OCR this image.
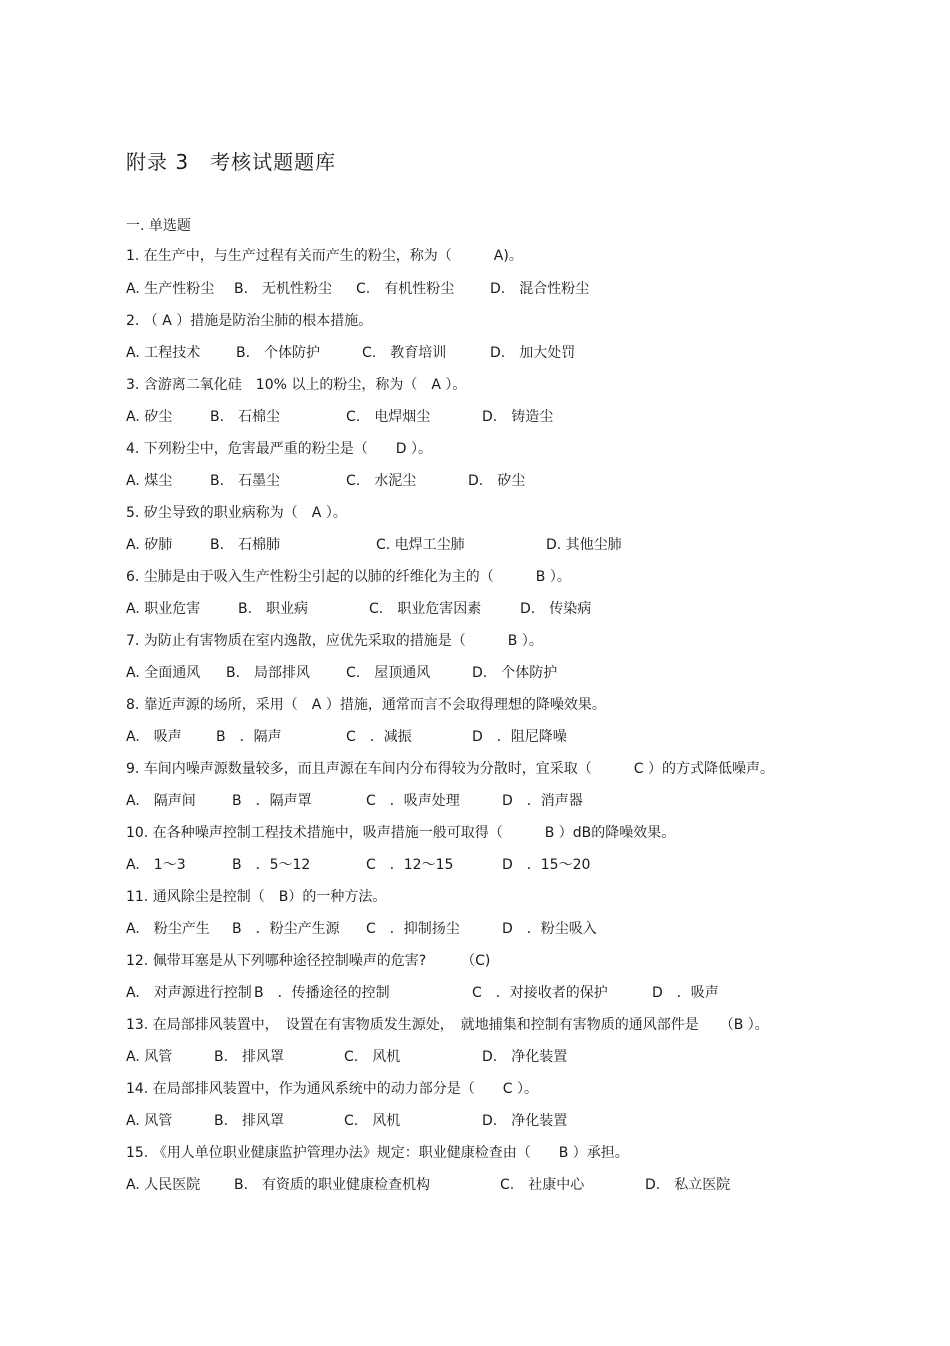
附录 3　考核试题题库
一. 单选题
1. 在生产中，与生产过程有关而产生的粉尘，称为（　　　A)。
A. 生产性粉尘 B.　无机性粉尘 C.　有机性粉尘	D.　混合性粉尘
2. （ A ）措施是防治尘肺的根本措施。
A. 工程技术	B.　个体防护	C.　教育培训	D.　加大处罚
3. 含游离二氧化硅　10% 以上的粉尘，称为（　A ）。
A. 矽尘	B.　石棉尘	C.　电焊烟尘	D.　铸造尘
4. 下列粉尘中，危害最严重的粉尘是（　　D ）。
A. 煤尘	B.　石墨尘	C.　水泥尘	D.　矽尘
5. 矽尘导致的职业病称为（　A ）。
A. 矽肺	B.　石棉肺	C. 电焊工尘肺	D. 其他尘肺
6. 尘肺是由于吸入生产性粉尘引起的以肺的纤维化为主的（　　　B ）。
A. 职业危害	B.　职业病	C.　职业危害因素	D.　传染病
7. 为防止有害物质在室内逸散，应优先采取的措施是（　　　B ）。
A. 全面通风 B.　局部排风	C.　屋顶通风	D.　个体防护
8. 靠近声源的场所，采用（　A ）措施，通常而言不会取得理想的降噪效果。
A.　吸声 B　．隔声	C　．减振	D　．阻尼降噪
9. 车间内噪声源数量较多，而且声源在车间内分布得较为分散时，宜采取（　　　C ）的方式降低噪声。
A.　隔声间	B　．隔声罩	C　．吸声处理	D　．消声器
10. 在各种噪声控制工程技术措施中，吸声措施一般可取得（　　　B ）dB的降噪效果。
A.　1～3	B　．5～12	C　．12～15	D　．15～20
11. 通风除尘是控制（　B）的一种方法。
A.　粉尘产生 B　．粉尘产生源 C　．抑制扬尘	D　．粉尘吸入
12. 佩带耳塞是从下列哪种途径控制噪声的危害?　　　（C)
A.　对声源进行控制 B　．传播途径的控制	C　．对接收者的保护	D　．吸声
13. 在局部排风装置中，　设置在有害物质发生源处，　就地捕集和控制有害物质的通风部件是　　（B ）。
A. 风管	B.　排风罩	C.　风机	D.　净化装置
14. 在局部排风装置中，作为通风系统中的动力部分是（　　C ）。
A. 风管	B.　排风罩	C.　风机	D.　净化装置
15. 《用人单位职业健康监护管理办法》规定：职业健康检查由（　　B ）承担。
A. 人民医院 B.　有资质的职业健康检查机构	C.　社康中心	D.　私立医院
